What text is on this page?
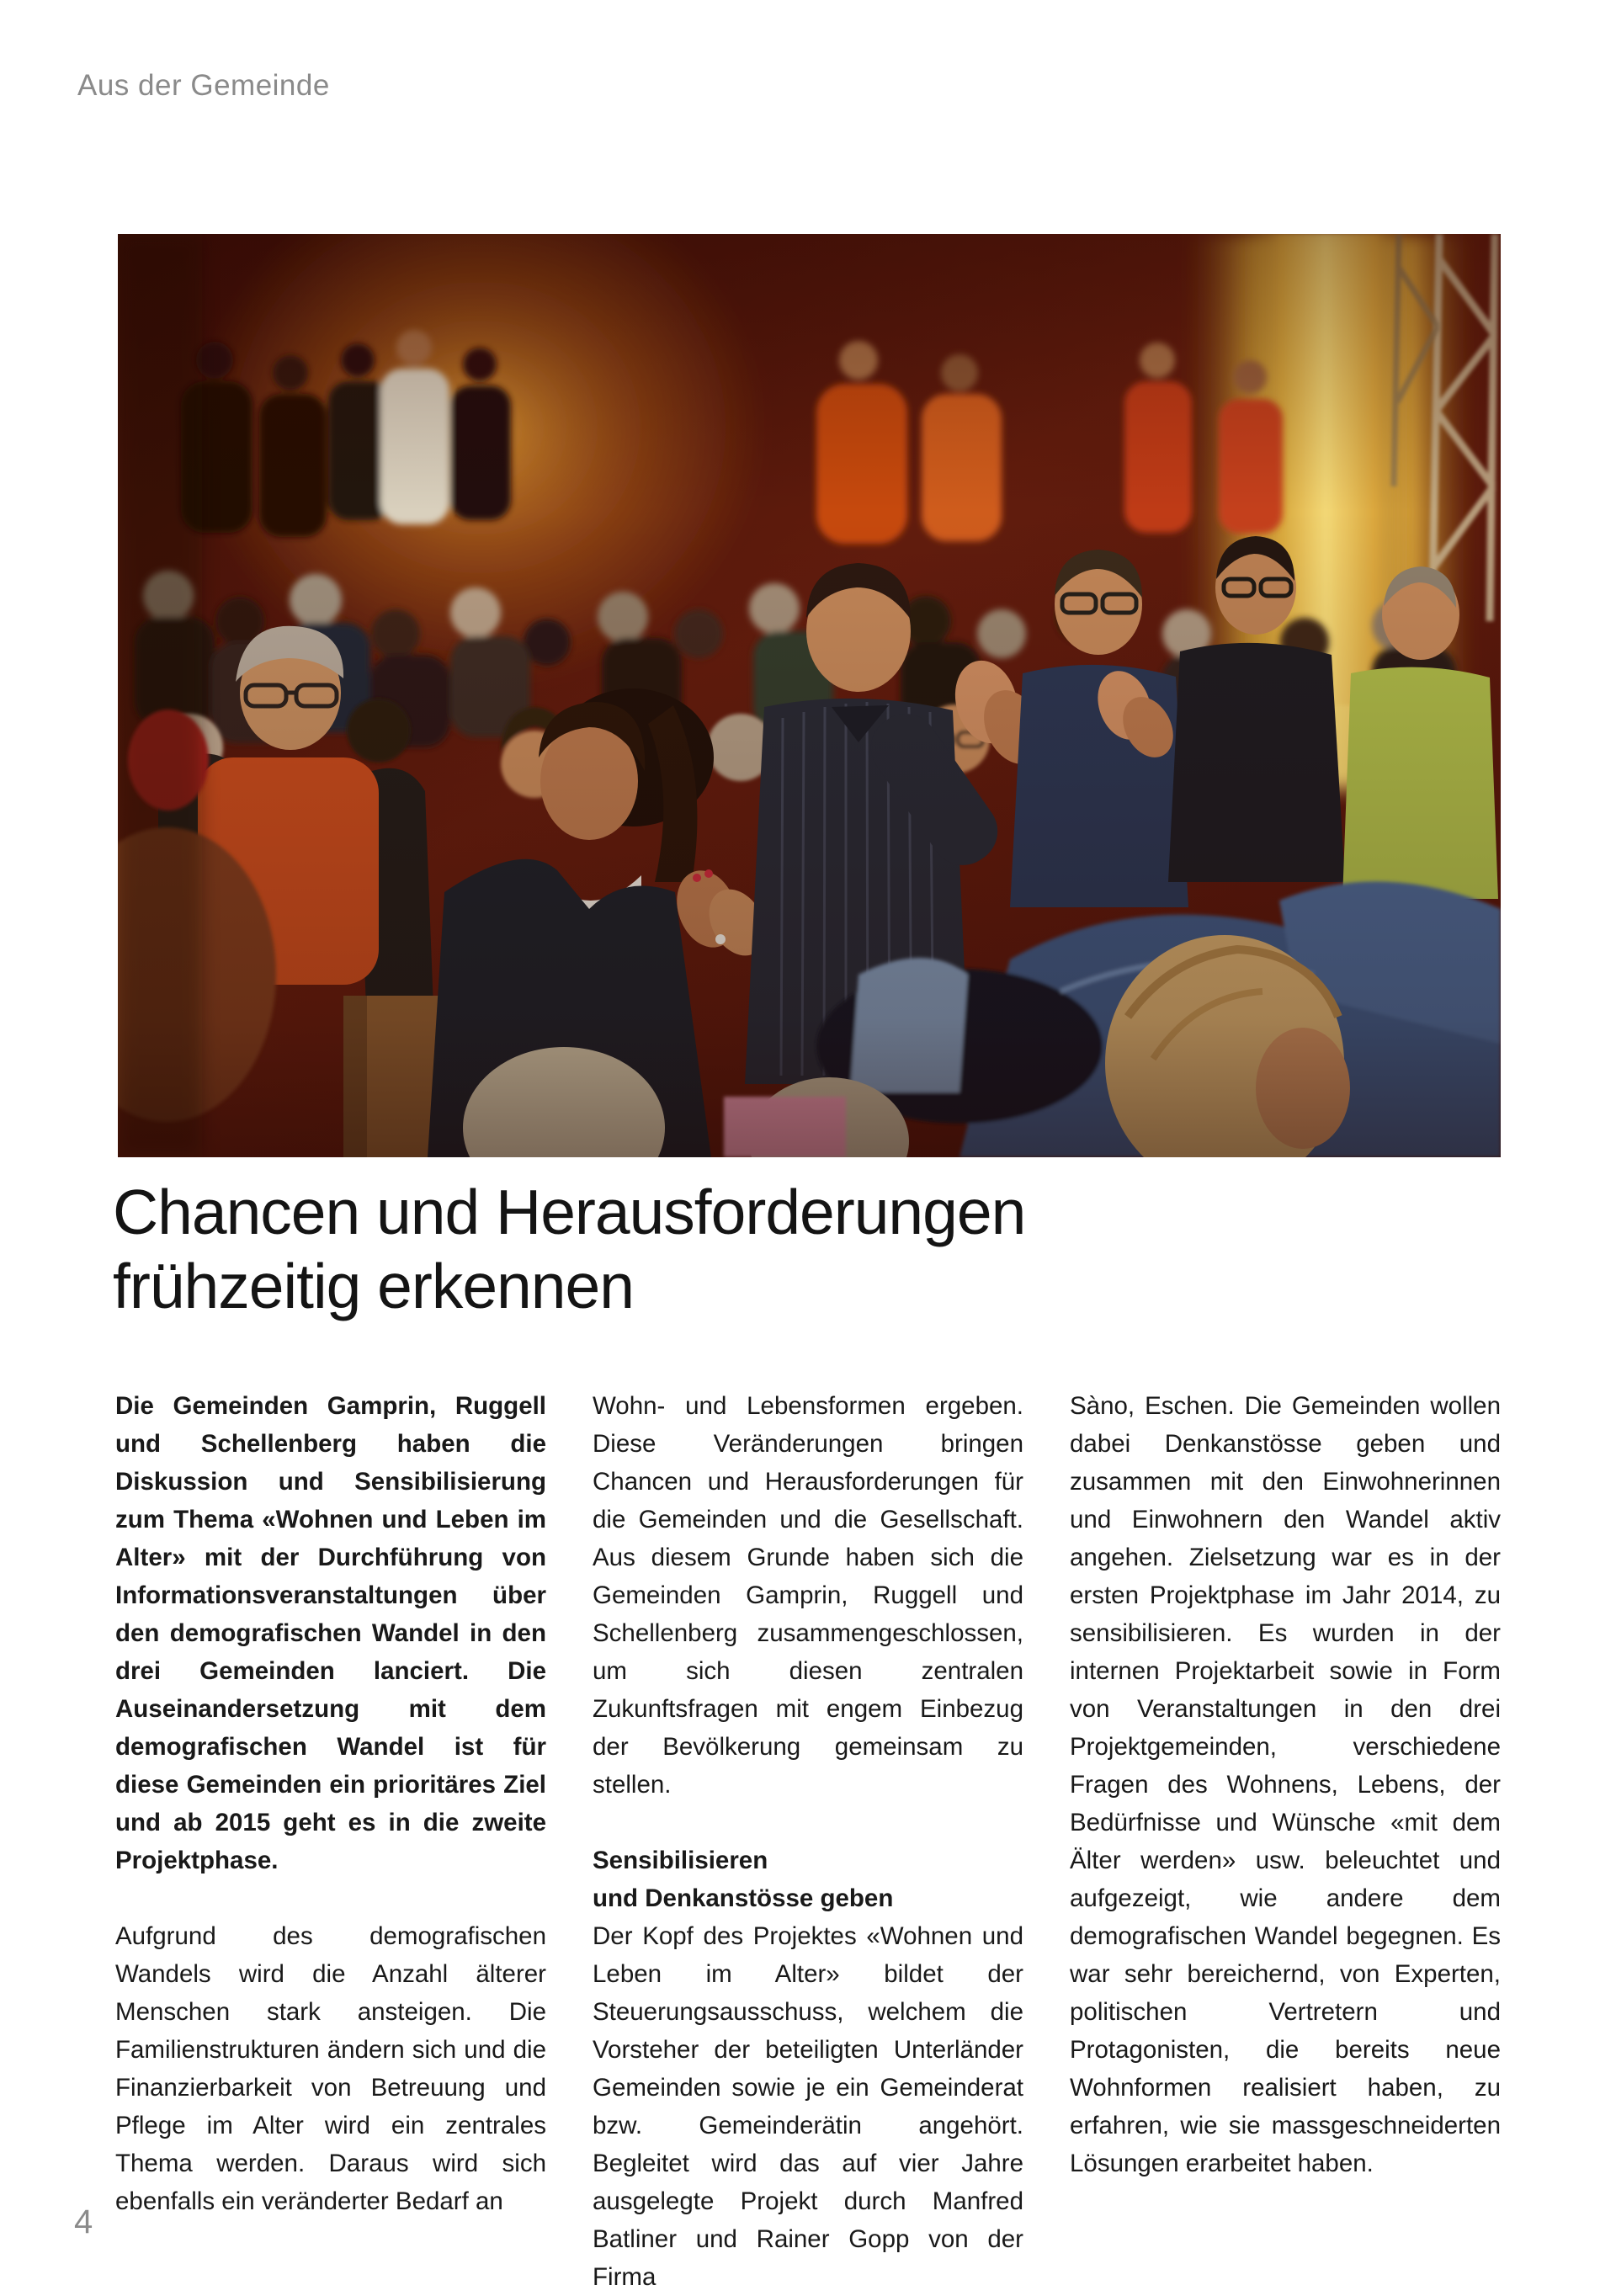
Aus der Gemeinde
Chancen und Herausforderungen
frühzeitig erkennen

Die Gemeinden Gamprin, Ruggell und Schellenberg haben die Diskussion und Sensibilisierung zum Thema «Wohnen und Leben im Alter» mit der Durchführung von Informationsveranstaltungen über den demografischen Wandel in den drei Gemeinden lanciert. Die Auseinandersetzung mit dem demografischen Wandel ist für diese Gemeinden ein prioritäres Ziel und ab 2015 geht es in die zweite Projektphase.

Aufgrund des demografischen Wandels wird die Anzahl älterer Menschen stark ansteigen. Die Familienstrukturen ändern sich und die Finanzierbarkeit von Betreuung und Pflege im Alter wird ein zentrales Thema werden. Daraus wird sich ebenfalls ein veränderter Bedarf an

Wohn- und Lebensformen ergeben. Diese Veränderungen bringen Chancen und Herausforderungen für die Gemeinden und die Gesellschaft. Aus diesem Grunde haben sich die Gemeinden Gamprin, Ruggell und Schellenberg zusammengeschlossen, um sich diesen zentralen Zukunftsfragen mit engem Einbezug der Bevölkerung gemeinsam zu stellen.

Sensibilisieren
und Denkanstösse geben

Der Kopf des Projektes «Wohnen und Leben im Alter» bildet der Steuerungsausschuss, welchem die Vorsteher der beteiligten Unterländer Gemeinden sowie je ein Gemeinderat bzw. Gemeinderätin angehört. Begleitet wird das auf vier Jahre ausgelegte Projekt durch Manfred Batliner und Rainer Gopp von der Firma

Sàno, Eschen. Die Gemeinden wollen dabei Denkanstösse geben und zusammen mit den Einwohnerinnen und Einwohnern den Wandel aktiv angehen. Zielsetzung war es in der ersten Projektphase im Jahr 2014, zu sensibilisieren. Es wurden in der internen Projektarbeit sowie in Form von Veranstaltungen in den drei Projektgemeinden, verschiedene Fragen des Wohnens, Lebens, der Bedürfnisse und Wünsche «mit dem Älter werden» usw. beleuchtet und aufgezeigt, wie andere dem demografischen Wandel begegnen. Es war sehr bereichernd, von Experten, politischen Vertretern und Protagonisten, die bereits neue Wohnformen realisiert haben, zu erfahren, wie sie massgeschneiderten Lösungen erarbeitet haben.

4
